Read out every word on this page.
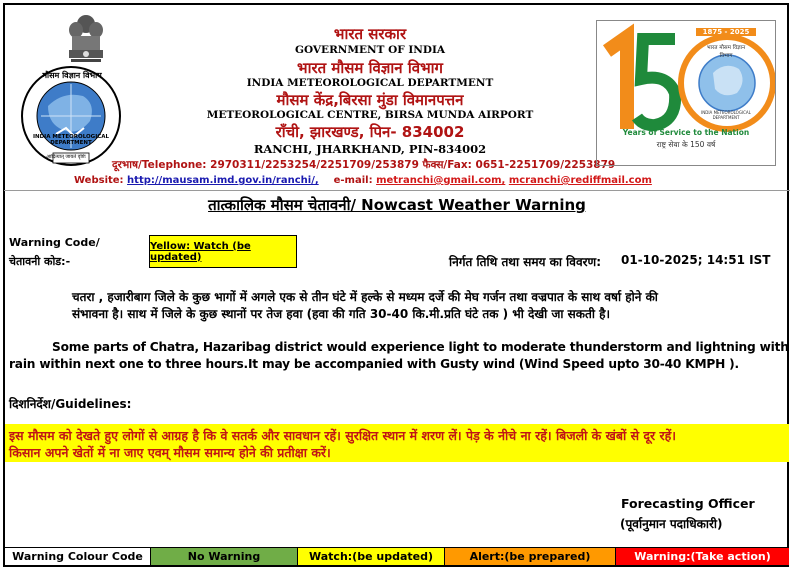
मौसम विज्ञान विभाग
INDIA METEOROLOGICAL DEPARTMENT
आदित्यात् जायते वृष्टिः
भारत सरकार
GOVERNMENT OF INDIA
भारत मौसम विज्ञान विभाग
INDIA METEOROLOGICAL DEPARTMENT
मौसम केंद्र,बिरसा मुंडा विमानपत्तन
METEOROLOGICAL CENTRE, BIRSA MUNDA AIRPORT
राँची, झारखण्ड, पिन- 834002
RANCHI, JHARKHAND, PIN-834002
दूरभाष/Telephone: 2970311/2253254/2251709/253879 फैक्स/Fax: 0651-2251709/2253879
Website: http://mausam.imd.gov.in/ranchi/, e-mail: metranchi@gmail.com, mcranchi@rediffmail.com
1875 - 2025
भारत मौसम विज्ञान विभाग
INDIA METEOROLOGICAL DEPARTMENT
Years of Service to the Nation
राष्ट्र सेवा के 150 वर्ष
तात्कालिक मौसम चेतावनी/ Nowcast Weather Warning
Warning Code/
चेतावनी कोड:-
Yellow: Watch (be updated)	निर्गत तिथि तथा समय का विवरण: 01-10-2025; 14:51 IST
चतरा , हजारीबाग जिले के कुछ भागों में अगले एक से तीन घंटे में हल्के से मध्यम दर्जे की मेघ गर्जन तथा वज्रपात के साथ वर्षा होने की
संभावना है। साथ में जिले के कुछ स्थानों पर तेज हवा (हवा की गति 30-40 कि.मी.प्रति घंटे तक ) भी देखी जा सकती है।
Some parts of Chatra, Hazaribag district would experience light to moderate thunderstorm and lightning with
rain within next one to three hours.It may be accompanied with Gusty wind (Wind Speed upto 30-40 KMPH ).
दिशनिर्देश/Guidelines:
इस मौसम को देखते हुए लोगों से आग्रह है कि वे सतर्क और सावधान रहें। सुरक्षित स्थान में शरण लें। पेड़ के नीचे ना रहें। बिजली के खंबों से दूर रहें।
किसान अपने खेतों में ना जाए एवम् मौसम समान्य होने की प्रतीक्षा करें।
Forecasting Officer
(पूर्वानुमान पदाधिकारी)
Warning Colour Code	No Warning	Watch:(be updated)	Alert:(be prepared)	Warning:(Take action)
